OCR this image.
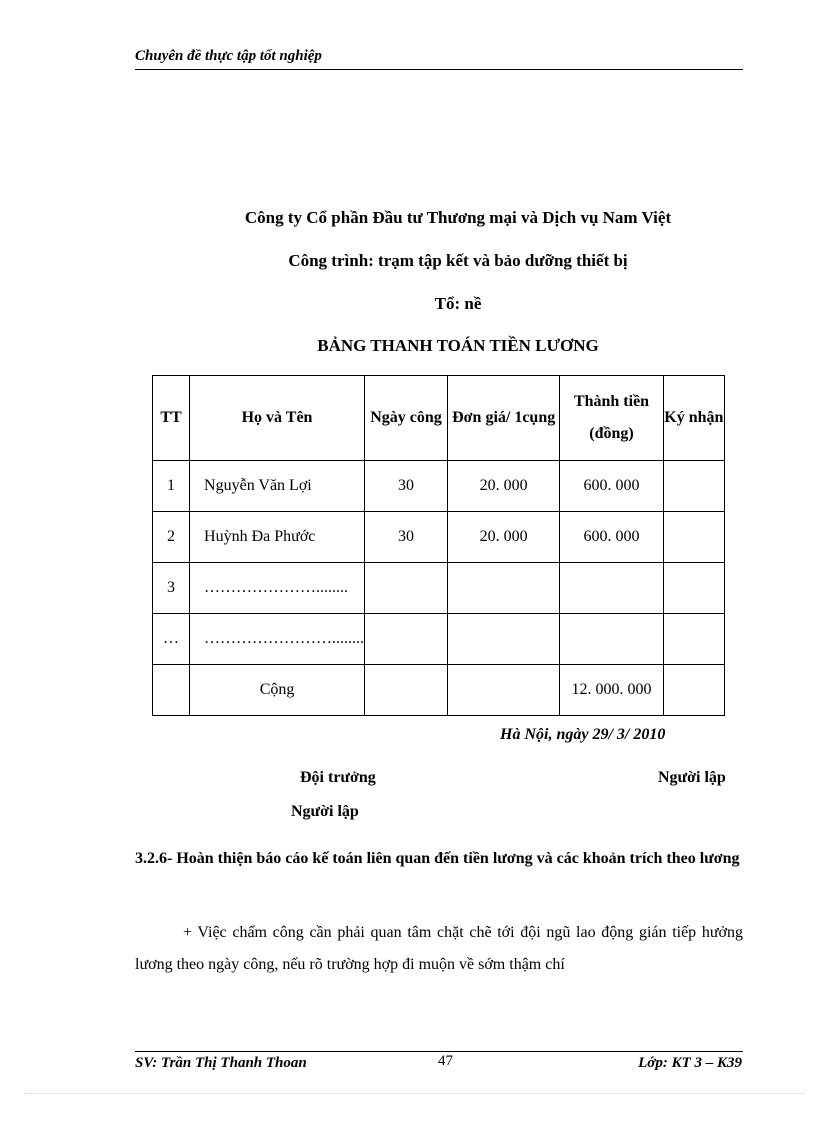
Chuyên đề thực tập tốt nghiệp
Công ty Cổ phần Đầu tư Thương mại và Dịch vụ Nam Việt
Công trình: trạm tập kết và bảo dưỡng thiết bị
Tổ: nề
BẢNG THANH TOÁN TIỀN LƯƠNG
TT	Họ và Tên	Ngày công	Đơn giá/ 1cụng	Thành tiền (đồng)	Ký nhận
1	Nguyễn Văn Lợi	30	20. 000	600. 000	
2	Huỳnh Đa Phước	30	20. 000	600. 000	
3	…………………........				
…	……………………........				
	Cộng			12. 000. 000	
Hà Nội, ngày 29/ 3/ 2010
Đội trưởng	Người lập
Người lập
3.2.6- Hoàn thiện báo cáo kế toán liên quan đến tiền lương và các khoản trích theo lương
+ Việc chấm công cần phải quan tâm chặt chẽ tới đội ngũ lao động gián tiếp hưởng lương theo ngày công, nếu rõ trường hợp đi muộn về sớm thậm chí
SV: Trần Thị Thanh Thoan	47	Lớp: KT 3 – K39
